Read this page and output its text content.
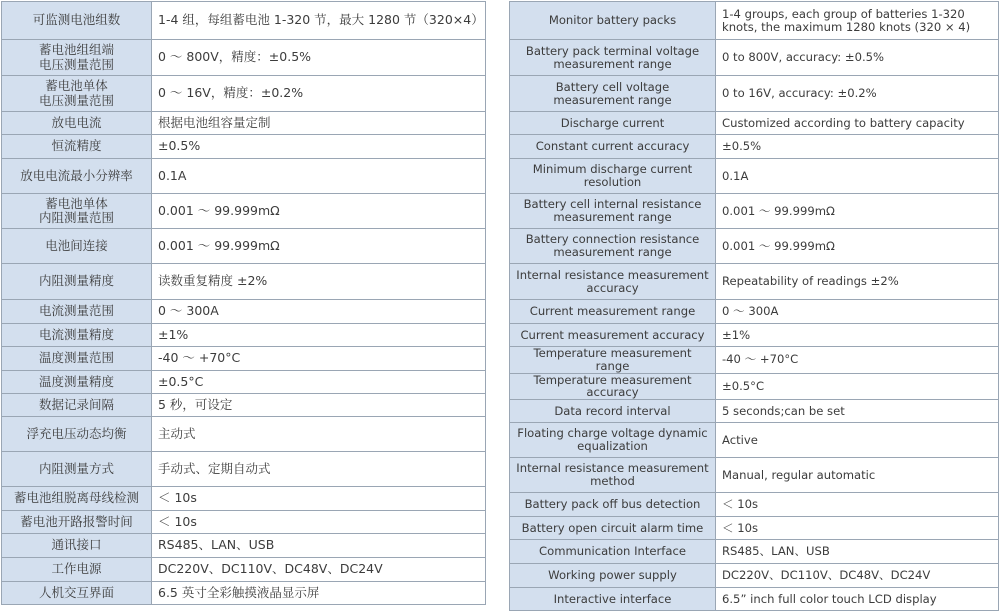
可监测电池组数	1-4 组，每组蓄电池 1-320 节，最大 1280 节（320×4）

蓄电池组组端
电压测量范围	0 ～ 800V，精度：±0.5%

蓄电池单体
电压测量范围	0 ～ 16V，精度：±0.2%

放电电流	根据电池组容量定制

恒流精度	±0.5%

放电电流最小分辨率	0.1A

蓄电池单体
内阻测量范围	0.001 ～ 99.999mΩ

电池间连接	0.001 ～ 99.999mΩ

内阻测量精度	读数重复精度 ±2%

电流测量范围	0 ～ 300A

电流测量精度	±1%

温度测量范围	-40 ～ +70°C

温度测量精度	±0.5°C

数据记录间隔	5 秒，可设定

浮充电压动态均衡	主动式

内阻测量方式	手动式、定期自动式

蓄电池组脱离母线检测	＜ 10s

蓄电池开路报警时间	＜ 10s

通讯接口	RS485、LAN、USB

工作电源	DC220V、DC110V、DC48V、DC24V

人机交互界面	6.5 英寸全彩触摸液晶显示屏
Monitor battery packs	1-4 groups, each group of batteries 1-320 knots, the maximum 1280 knots (320 × 4)

Battery pack terminal voltage measurement range	0 to 800V, accuracy: ±0.5%

Battery cell voltage measurement range	0 to 16V, accuracy: ±0.2%

Discharge current	Customized according to battery capacity

Constant current accuracy	±0.5%

Minimum discharge current resolution	0.1A

Battery cell internal resistance measurement range	0.001 ～ 99.999mΩ

Battery connection resistance measurement range	0.001 ～ 99.999mΩ

Internal resistance measurement accuracy	Repeatability of readings ±2%

Current measurement range	0 ～ 300A

Current measurement accuracy	±1%

Temperature measurement range	-40 ～ +70°C

Temperature measurement accuracy	±0.5°C

Data record interval	5 seconds;can be set

Floating charge voltage dynamic equalization	Active

Internal resistance measurement method	Manual, regular automatic

Battery pack off bus detection	＜ 10s

Battery open circuit alarm time	＜ 10s

Communication Interface	RS485、LAN、USB

Working power supply	DC220V、DC110V、DC48V、DC24V

Interactive interface	6.5” inch full color touch LCD display
